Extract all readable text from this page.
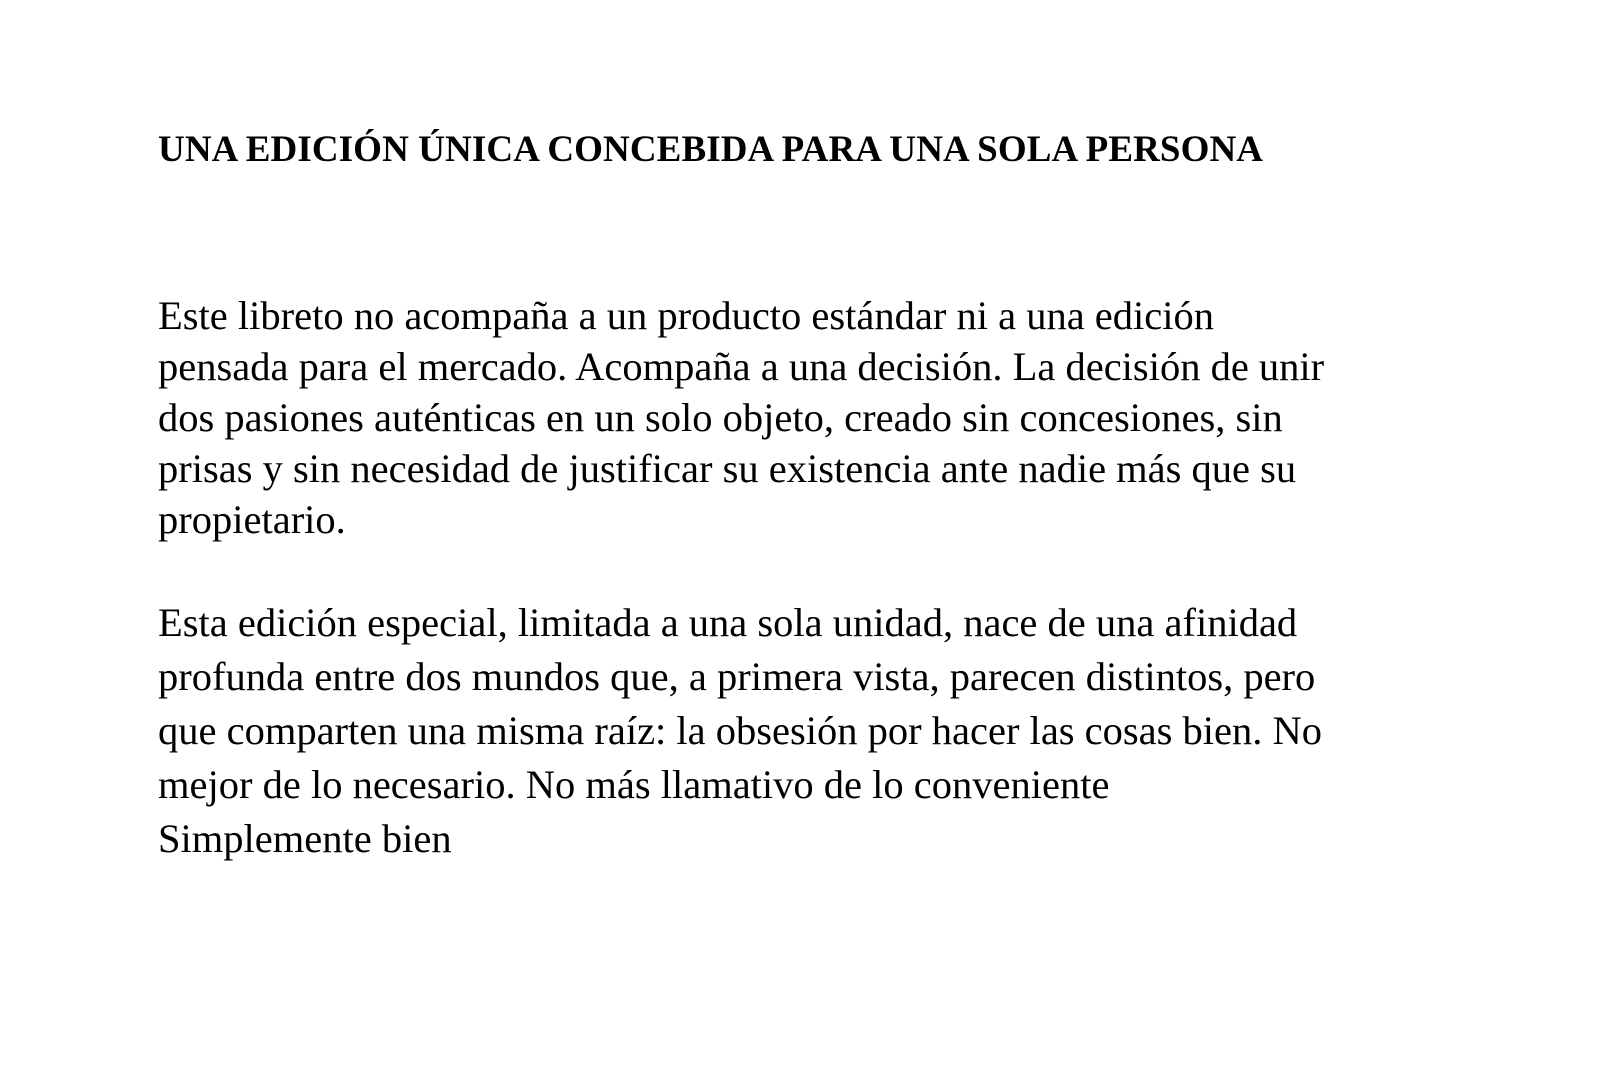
UNA EDICIÓN ÚNICA CONCEBIDA PARA UNA SOLA PERSONA
Este libreto no acompaña a un producto estándar ni a una edición
pensada para el mercado. Acompaña a una decisión. La decisión de unir
dos pasiones auténticas en un solo objeto, creado sin concesiones, sin
prisas y sin necesidad de justificar su existencia ante nadie más que su
propietario.
Esta edición especial, limitada a una sola unidad, nace de una afinidad
profunda entre dos mundos que, a primera vista, parecen distintos, pero
que comparten una misma raíz: la obsesión por hacer las cosas bien. No
mejor de lo necesario. No más llamativo de lo conveniente
Simplemente bien
